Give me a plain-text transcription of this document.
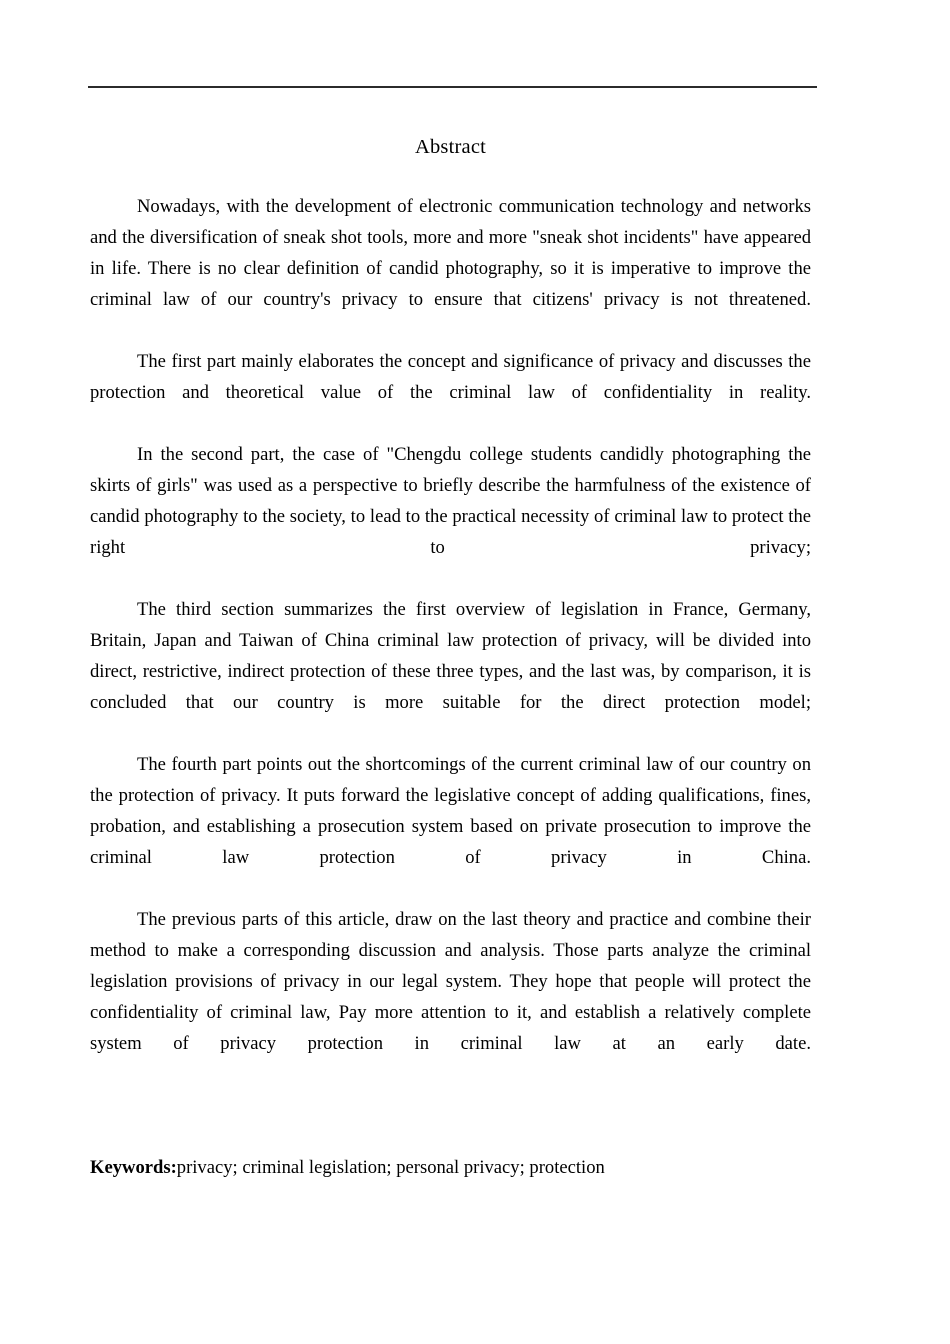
Abstract

Nowadays, with the development of electronic communication technology and networks and the diversification of sneak shot tools, more and more "sneak shot incidents" have appeared in life. There is no clear definition of candid photography, so it is imperative to improve the criminal law of our country's privacy to ensure that citizens' privacy is not threatened.

The first part mainly elaborates the concept and significance of privacy and discusses the protection and theoretical value of the criminal law of confidentiality in reality.

In the second part, the case of "Chengdu college students candidly photographing the skirts of girls" was used as a perspective to briefly describe the harmfulness of the existence of candid photography to the society, to lead to the practical necessity of criminal law to protect the right to privacy;

The third section summarizes the first overview of legislation in France, Germany, Britain, Japan and Taiwan of China criminal law protection of privacy, will be divided into direct, restrictive, indirect protection of these three types, and the last was, by comparison, it is concluded that our country is more suitable for the direct protection model;

The fourth part points out the shortcomings of the current criminal law of our country on the protection of privacy. It puts forward the legislative concept of adding qualifications, fines, probation, and establishing a prosecution system based on private prosecution to improve the criminal law protection of privacy in China.

The previous parts of this article, draw on the last theory and practice and combine their method to make a corresponding discussion and analysis. Those parts analyze the criminal legislation provisions of privacy in our legal system. They hope that people will protect the confidentiality of criminal law, Pay more attention to it, and establish a relatively complete system of privacy protection in criminal law at an early date.

Keywords:privacy; criminal legislation; personal privacy; protection
